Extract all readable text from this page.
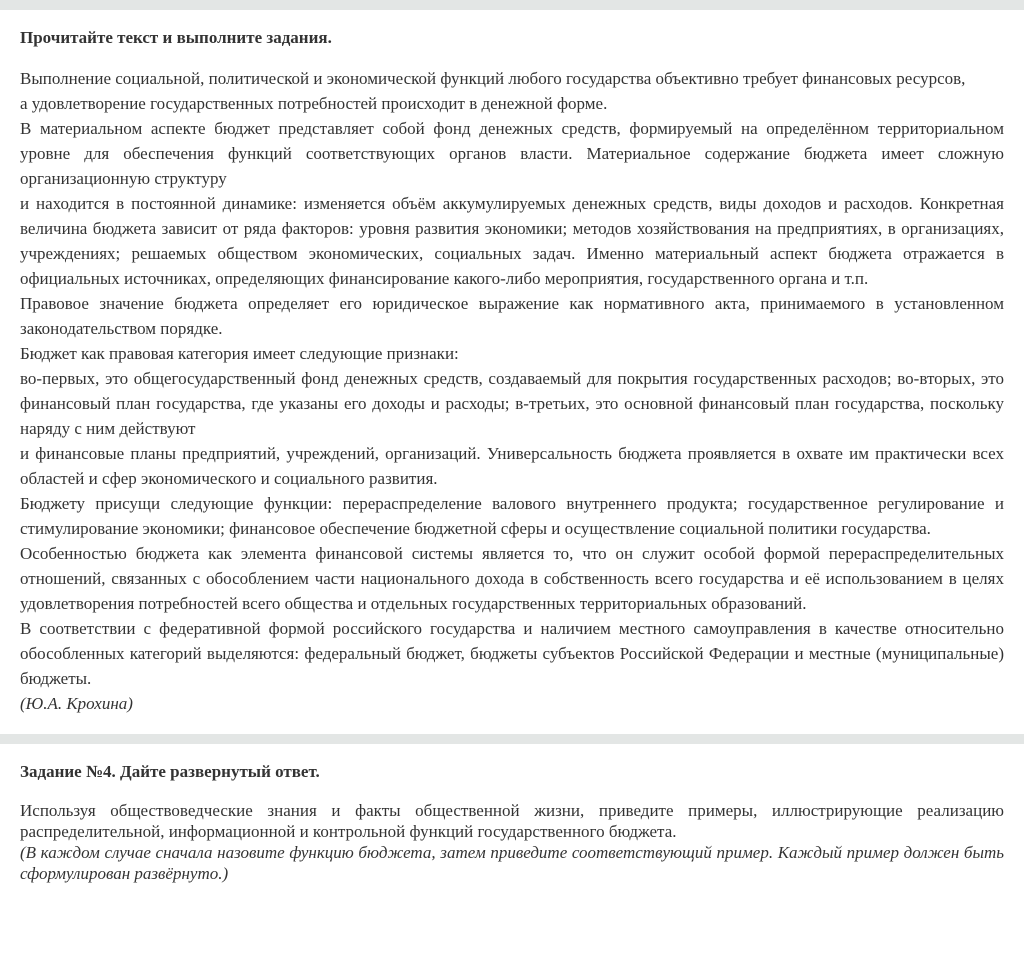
Прочитайте текст и выполните задания.

Выполнение социальной, политической и экономической функций любого государства объективно требует финансовых ресурсов,

а удовлетворение государственных потребностей происходит в денежной форме.

В материальном аспекте бюджет представляет собой фонд денежных средств, формируемый на определённом территориальном уровне для обеспечения функций соответствующих органов власти. Материальное содержание бюджета имеет сложную организационную структуру

и находится в постоянной динамике: изменяется объём аккумулируемых денежных средств, виды доходов и расходов. Конкретная величина бюджета зависит от ряда факторов: уровня развития экономики; методов хозяйствования на предприятиях, в организациях, учреждениях; решаемых обществом экономических, социальных задач. Именно материальный аспект бюджета отражается в официальных источниках, определяющих финансирование какого-либо мероприятия, государственного органа и т.п.

Правовое значение бюджета определяет его юридическое выражение как нормативного акта, принимаемого в установленном законодательством порядке.

Бюджет как правовая категория имеет следующие признаки:

во-первых, это общегосударственный фонд денежных средств, создаваемый для покрытия государственных расходов; во-вторых, это финансовый план государства, где указаны его доходы и расходы; в-третьих, это основной финансовый план государства, поскольку наряду с ним действуют

и финансовые планы предприятий, учреждений, организаций. Универсальность бюджета проявляется в охвате им практически всех областей и сфер экономического и социального развития.

Бюджету присущи следующие функции: перераспределение валового внутреннего продукта; государственное регулирование и стимулирование экономики; финансовое обеспечение бюджетной сферы и осуществление социальной политики государства.

Особенностью бюджета как элемента финансовой системы является то, что он служит особой формой перераспределительных отношений, связанных с обособлением части национального дохода в собственность всего государства и её использованием в целях удовлетворения потребностей всего общества и отдельных государственных территориальных образований.

В соответствии с федеративной формой российского государства и наличием местного самоуправления в качестве относительно обособленных категорий выделяются: федеральный бюджет, бюджеты субъектов Российской Федерации и местные (муниципальные) бюджеты.

(Ю.А. Крохина)

Задание №4. Дайте развернутый ответ.

Используя обществоведческие знания и факты общественной жизни, приведите примеры, иллюстрирующие реализацию распределительной, информационной и контрольной функций государственного бюджета.

(В каждом случае сначала назовите функцию бюджета, затем приведите соответствующий пример. Каждый пример должен быть сформулирован развёрнуто.)
